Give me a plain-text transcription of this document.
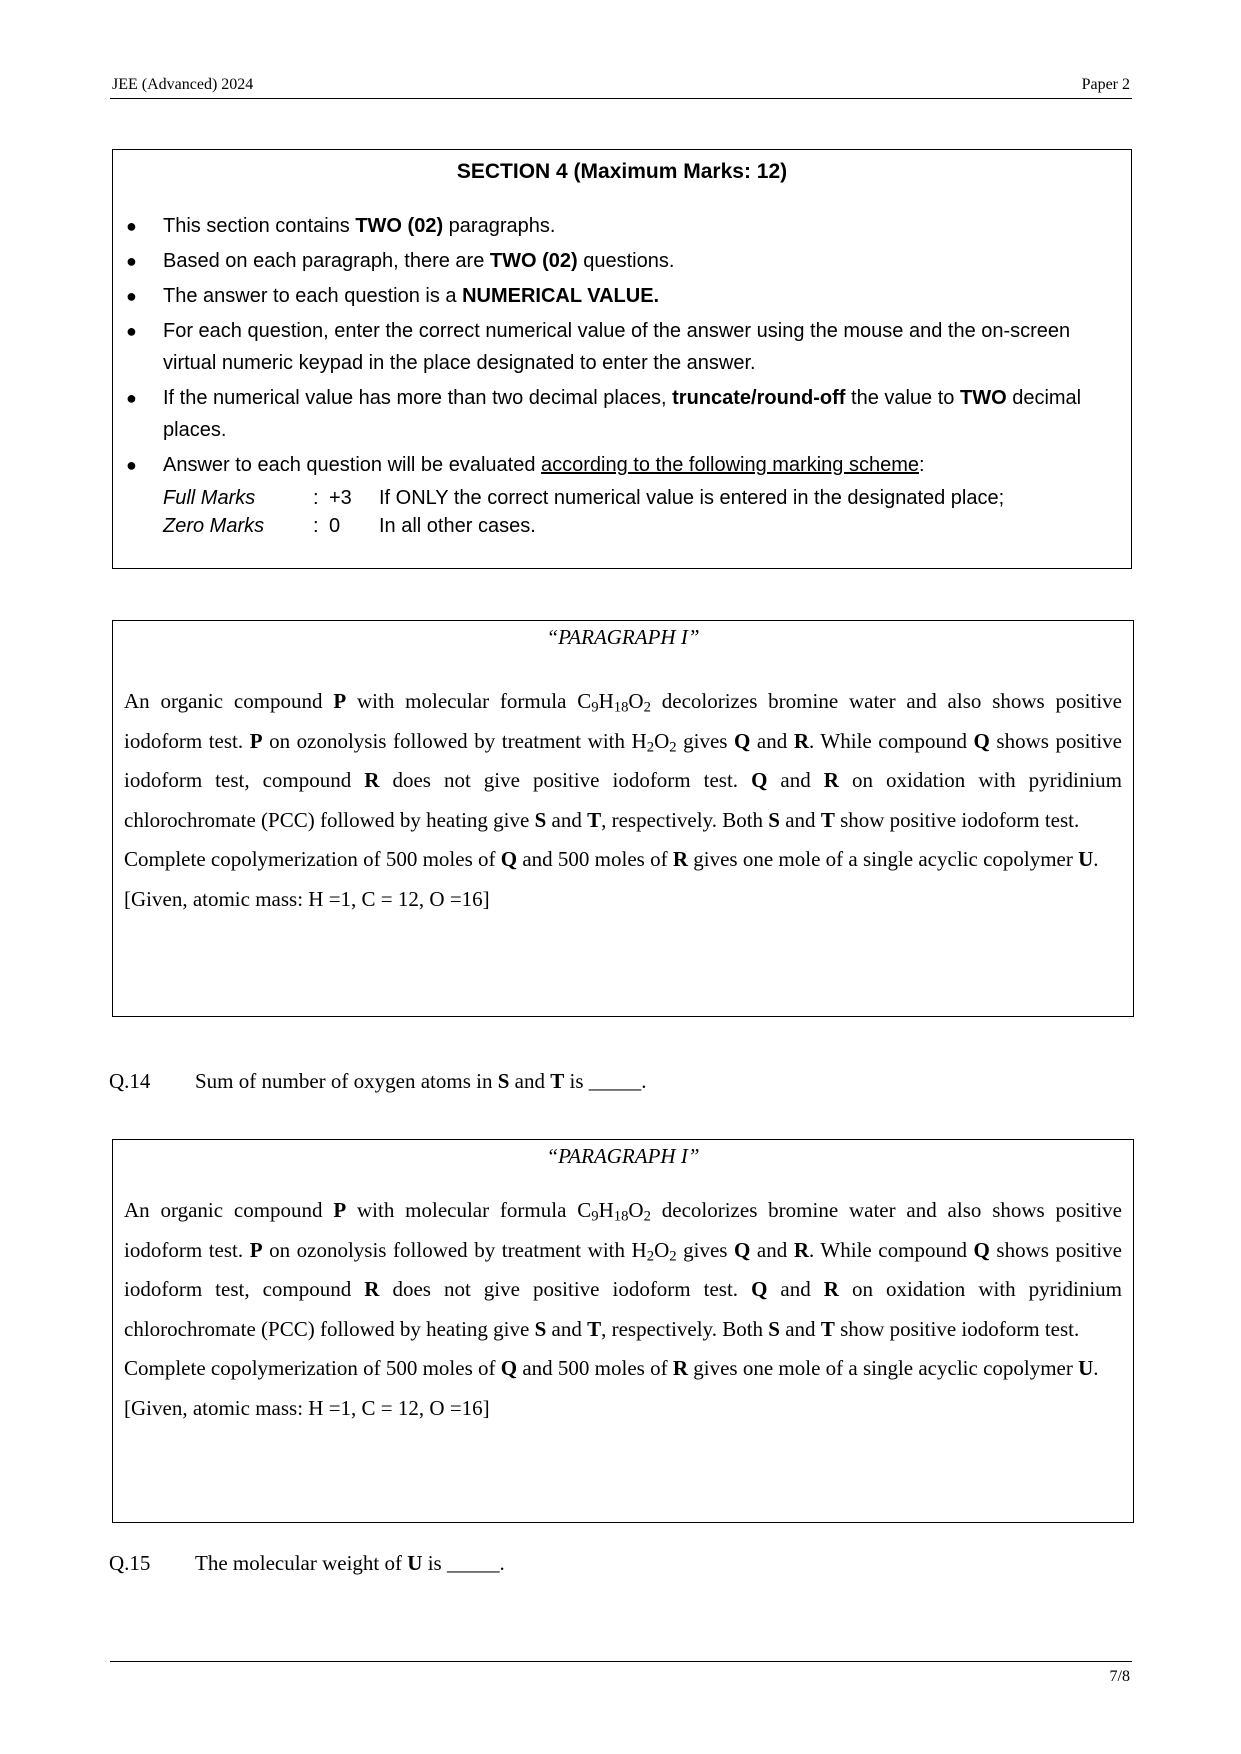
JEE (Advanced) 2024	Paper 2
SECTION 4 (Maximum Marks: 12)
● This section contains TWO (02) paragraphs.
● Based on each paragraph, there are TWO (02) questions.
● The answer to each question is a NUMERICAL VALUE.
● For each question, enter the correct numerical value of the answer using the mouse and the on-screen virtual numeric keypad in the place designated to enter the answer.
● If the numerical value has more than two decimal places, truncate/round-off the value to TWO decimal places.
● Answer to each question will be evaluated according to the following marking scheme:
Full Marks	: +3 If ONLY the correct numerical value is entered in the designated place;
Zero Marks : 0 In all other cases.
“PARAGRAPH I”

An organic compound P with molecular formula $C_9H_{18}O_2$ decolorizes bromine water and also shows positive iodoform test. P on ozonolysis followed by treatment with $H_2O_2$ gives Q and R. While compound Q shows positive iodoform test, compound R does not give positive iodoform test. Q and R on oxidation with pyridinium chlorochromate (PCC) followed by heating give S and T, respectively. Both S and T show positive iodoform test.

Complete copolymerization of 500 moles of Q and 500 moles of R gives one mole of a single acyclic copolymer U.

[Given, atomic mass: H =1, C = 12, O =16]

Q.14 Sum of number of oxygen atoms in S and T is _____.
“PARAGRAPH I”

An organic compound P with molecular formula $C_9H_{18}O_2$ decolorizes bromine water and also shows positive iodoform test. P on ozonolysis followed by treatment with $H_2O_2$ gives Q and R. While compound Q shows positive iodoform test, compound R does not give positive iodoform test. Q and R on oxidation with pyridinium chlorochromate (PCC) followed by heating give S and T, respectively. Both S and T show positive iodoform test.

Complete copolymerization of 500 moles of Q and 500 moles of R gives one mole of a single acyclic copolymer U.

[Given, atomic mass: H =1, C = 12, O =16]

Q.15 The molecular weight of U is _____.
7/8
